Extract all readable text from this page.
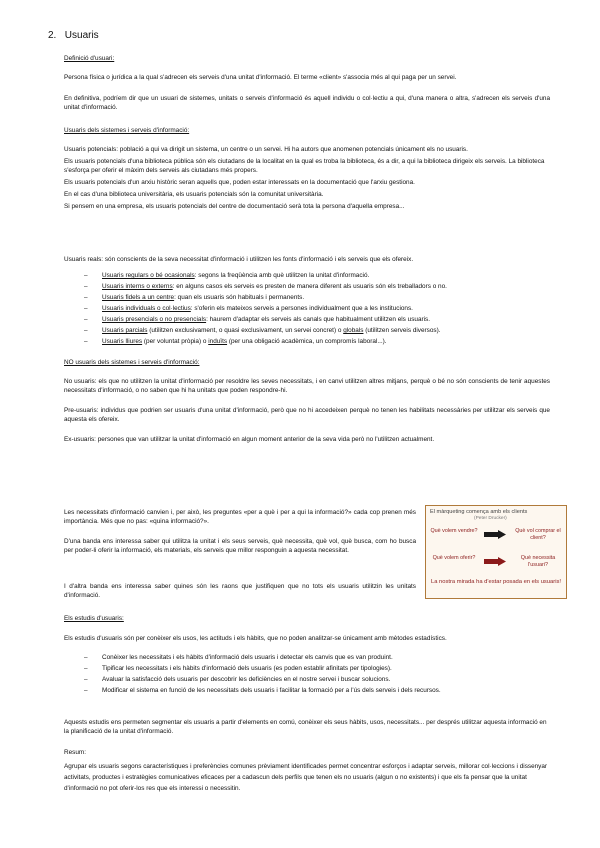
2. Usuaris

Definició d'usuari:

Persona física o jurídica a la qual s'adrecen els serveis d'una unitat d'informació. El terme «client» s'associa més al qui paga per un servei.

En definitiva, podríem dir que un usuari de sistemes, unitats o serveis d'informació és aquell individu o col·lectiu a qui, d'una manera o altra, s'adrecen els serveis d'una unitat d'informació.

Usuaris dels sistemes i serveis d'informació:

Usuaris potencials: població a qui va dirigit un sistema, un centre o un servei. Hi ha autors que anomenen potencials únicament els no usuaris.

Els usuaris potencials d'una biblioteca pública són els ciutadans de la localitat en la qual es troba la biblioteca, és a dir, a qui la biblioteca dirigeix els serveis. La biblioteca s'esforça per oferir el màxim dels serveis als ciutadans més propers.

Els usuaris potencials d'un arxiu històric seran aquells que, poden estar interessats en la documentació que l'arxiu gestiona.

En el cas d'una biblioteca universitària, els usuaris potencials són la comunitat universitària.

Si pensem en una empresa, els usuaris potencials del centre de documentació serà tota la persona d'aquella empresa...

Usuaris reals: són conscients de la seva necessitat d'informació i utilitzen les fonts d'informació i els serveis que els ofereix.

– Usuaris regulars o bé ocasionals: segons la freqüència amb què utilitzen la unitat d'informació.
– Usuaris interns o externs: en alguns casos els serveis es presten de manera diferent als usuaris són els treballadors o no.
– Usuaris fidels a un centre: quan els usuaris són habituals i permanents.
– Usuaris individuals o col·lectius: s'oferin els mateixos serveis a persones individualment que a les institucions.
– Usuaris presencials o no presencials: haurem d'adaptar els serveis als canals que habitualment utilitzen els usuaris.
– Usuaris parcials (utilitzen exclusivament, o quasi exclusivament, un servei concret) o globals (utilitzen serveis diversos).
– Usuaris lliures (per voluntat pròpia) o induïts (per una obligació acadèmica, un compromís laboral...).

NO usuaris dels sistemes i serveis d'informació:

No usuaris: els que no utilitzen la unitat d'informació per resoldre les seves necessitats, i en canvi utilitzen altres mitjans, perquè o bé no són conscients de tenir aquestes necessitats d'informació, o no saben que hi ha unitats que poden respondre-hi.

Pre-usuaris: individus que podrien ser usuaris d'una unitat d'informació, però que no hi accedeixen perquè no tenen les habilitats necessàries per utilitzar els serveis que aquesta els ofereix.

Ex-usuaris: persones que van utilitzar la unitat d'informació en algun moment anterior de la seva vida però no l'utilitzen actualment.

Les necessitats d'informació canvien i, per això, les preguntes «per a què i per a qui la informació?» cada cop prenen més importància. Més que no pas: «quina informació?».

D'una banda ens interessa saber qui utilitza la unitat i els seus serveis, què necessita, què vol, què busca, com ho busca per poder-li oferir la informació, els materials, els serveis que millor responguin a aquesta necessitat.

I d'altra banda ens interessa saber quines són les raons que justifiquen que no tots els usuaris utilitzin les unitats d'informació.

El màrqueting comença amb els clients
(Peter Drucker)
Què volem vendre?	Què vol comprar el client?
Què volem oferir?	Què necessita l'usuari?
La nostra mirada ha d'estar posada en els usuaris!

Els estudis d'usuaris:

Els estudis d'usuaris són per conèixer els usos, les actituds i els hàbits, que no poden analitzar-se únicament amb mètodes estadístics.

– Conèixer les necessitats i els hàbits d'informació dels usuaris i detectar els canvis que es van produint.
– Tipificar les necessitats i els hàbits d'informació dels usuaris (es poden establir afinitats per tipologies).
– Avaluar la satisfacció dels usuaris per descobrir les deficiències en el nostre servei i buscar solucions.
– Modificar el sistema en funció de les necessitats dels usuaris i facilitar la formació per a l'ús dels serveis i dels recursos.

Aquests estudis ens permeten segmentar els usuaris a partir d'elements en comú, conèixer els seus hàbits, usos, necessitats... per després utilitzar aquesta informació en la planificació de la unitat d'informació.

Resum:

Agrupar els usuaris segons característiques i preferències comunes prèviament identificades permet concentrar esforços i adaptar serveis, millorar col·leccions i dissenyar activitats, productes i estratègies comunicatives eficaces per a cadascun dels perfils que tenen els no usuaris (algun o no existents) i que els fa pensar que la unitat d'informació no pot oferir-los res que els interessi o necessitin.
